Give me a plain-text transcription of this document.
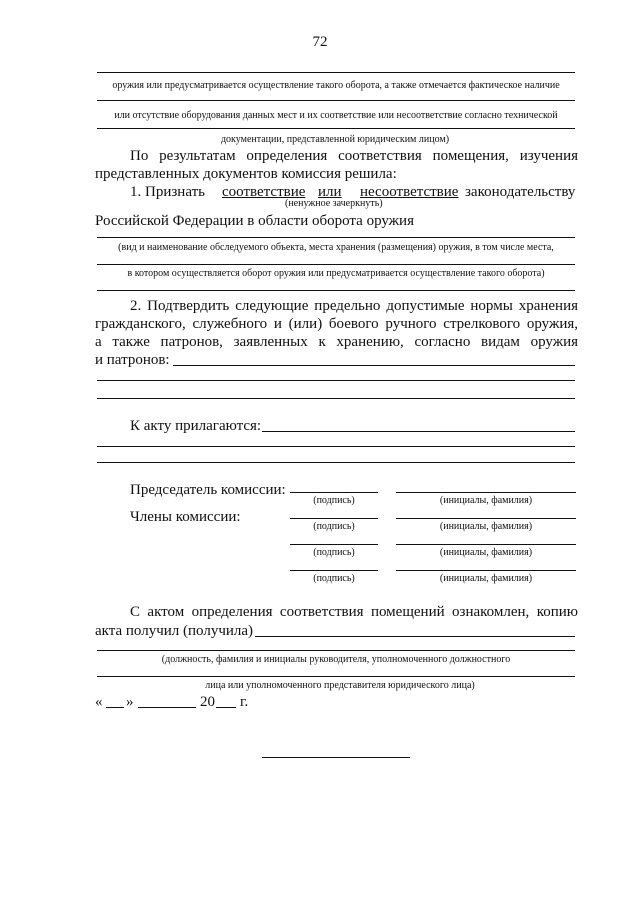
72
оружия или предусматривается осуществление такого оборота, а также отмечается фактическое наличие
или отсутствие оборудования данных мест и их соответствие или несоответствие согласно технической
документации, представленной юридическим лицом)
По результатам определения соответствия помещения, изучения
представленных документов комиссия решила:
1. Признать соответствие или несоответствие законодательству
(ненужное зачеркнуть)
Российской Федерации в области оборота оружия
(вид и наименование обследуемого объекта, места хранения (размещения) оружия, в том числе места,
в котором осуществляется оборот оружия или предусматривается осуществление такого оборота)
2. Подтвердить следующие предельно допустимые нормы хранения
гражданского, служебного и (или) боевого ручного стрелкового оружия,
а также патронов, заявленных к хранению, согласно видам оружия
и патронов:
К акту прилагаются:
Председатель комиссии:
(подпись)	(инициалы, фамилия)
Члены комиссии:
(подпись)	(инициалы, фамилия)
(подпись)	(инициалы, фамилия)
(подпись)	(инициалы, фамилия)
С актом определения соответствия помещений ознакомлен, копию
акта получил (получила)
(должность, фамилия и инициалы руководителя, уполномоченного должностного
лица или уполномоченного представителя юридического лица)
« »	20 г.
